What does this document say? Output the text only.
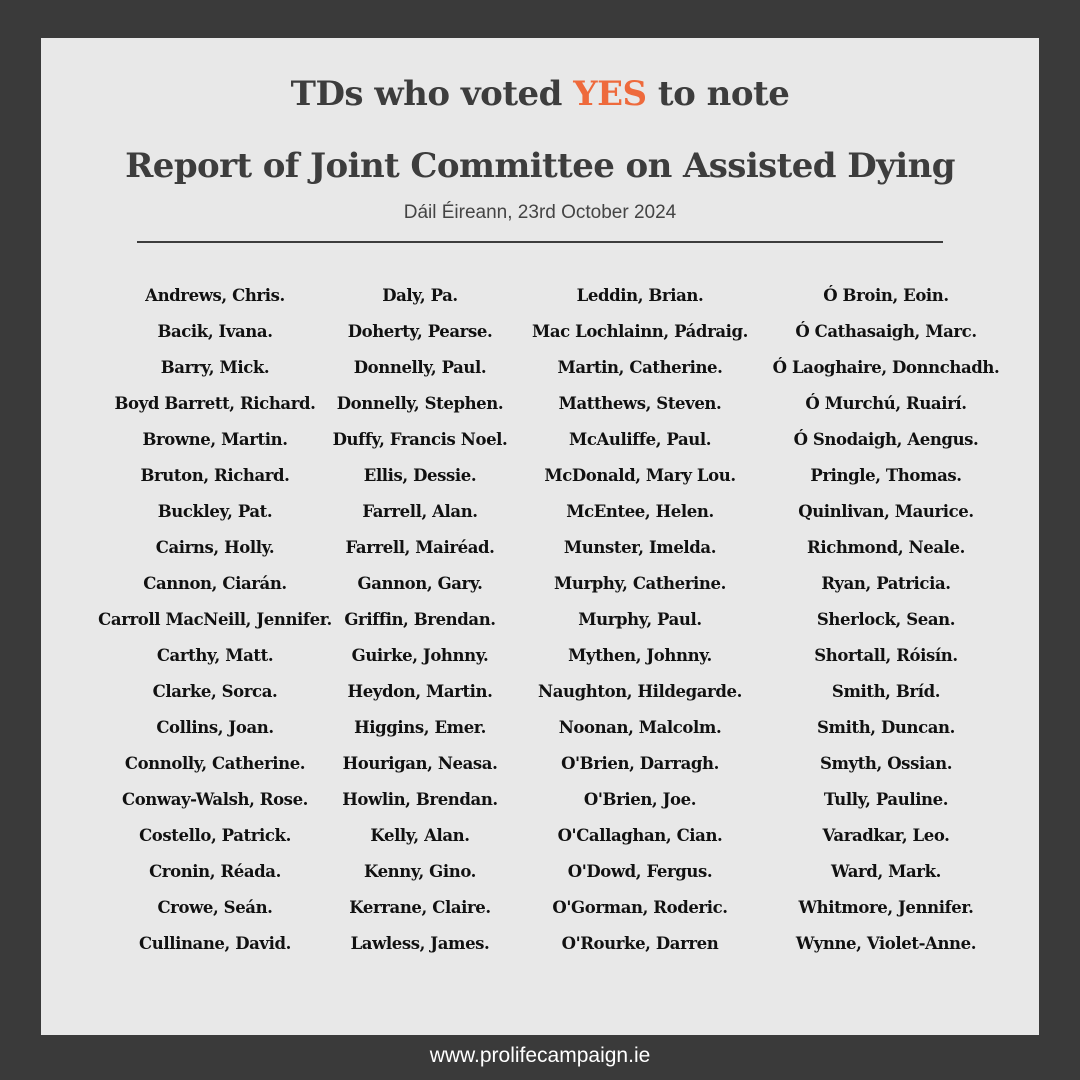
TDs who voted YES to note
Report of Joint Committee on Assisted Dying
Dáil Éireann, 23rd October 2024
Andrews, Chris.
Bacik, Ivana.
Barry, Mick.
Boyd Barrett, Richard.
Browne, Martin.
Bruton, Richard.
Buckley, Pat.
Cairns, Holly.
Cannon, Ciarán.
Carroll MacNeill, Jennifer.
Carthy, Matt.
Clarke, Sorca.
Collins, Joan.
Connolly, Catherine.
Conway-Walsh, Rose.
Costello, Patrick.
Cronin, Réada.
Crowe, Seán.
Cullinane, David.
Daly, Pa.
Doherty, Pearse.
Donnelly, Paul.
Donnelly, Stephen.
Duffy, Francis Noel.
Ellis, Dessie.
Farrell, Alan.
Farrell, Mairéad.
Gannon, Gary.
Griffin, Brendan.
Guirke, Johnny.
Heydon, Martin.
Higgins, Emer.
Hourigan, Neasa.
Howlin, Brendan.
Kelly, Alan.
Kenny, Gino.
Kerrane, Claire.
Lawless, James.
Leddin, Brian.
Mac Lochlainn, Pádraig.
Martin, Catherine.
Matthews, Steven.
McAuliffe, Paul.
McDonald, Mary Lou.
McEntee, Helen.
Munster, Imelda.
Murphy, Catherine.
Murphy, Paul.
Mythen, Johnny.
Naughton, Hildegarde.
Noonan, Malcolm.
O'Brien, Darragh.
O'Brien, Joe.
O'Callaghan, Cian.
O'Dowd, Fergus.
O'Gorman, Roderic.
O'Rourke, Darren
Ó Broin, Eoin.
Ó Cathasaigh, Marc.
Ó Laoghaire, Donnchadh.
Ó Murchú, Ruairí.
Ó Snodaigh, Aengus.
Pringle, Thomas.
Quinlivan, Maurice.
Richmond, Neale.
Ryan, Patricia.
Sherlock, Sean.
Shortall, Róisín.
Smith, Bríd.
Smith, Duncan.
Smyth, Ossian.
Tully, Pauline.
Varadkar, Leo.
Ward, Mark.
Whitmore, Jennifer.
Wynne, Violet-Anne.
www.prolifecampaign.ie
